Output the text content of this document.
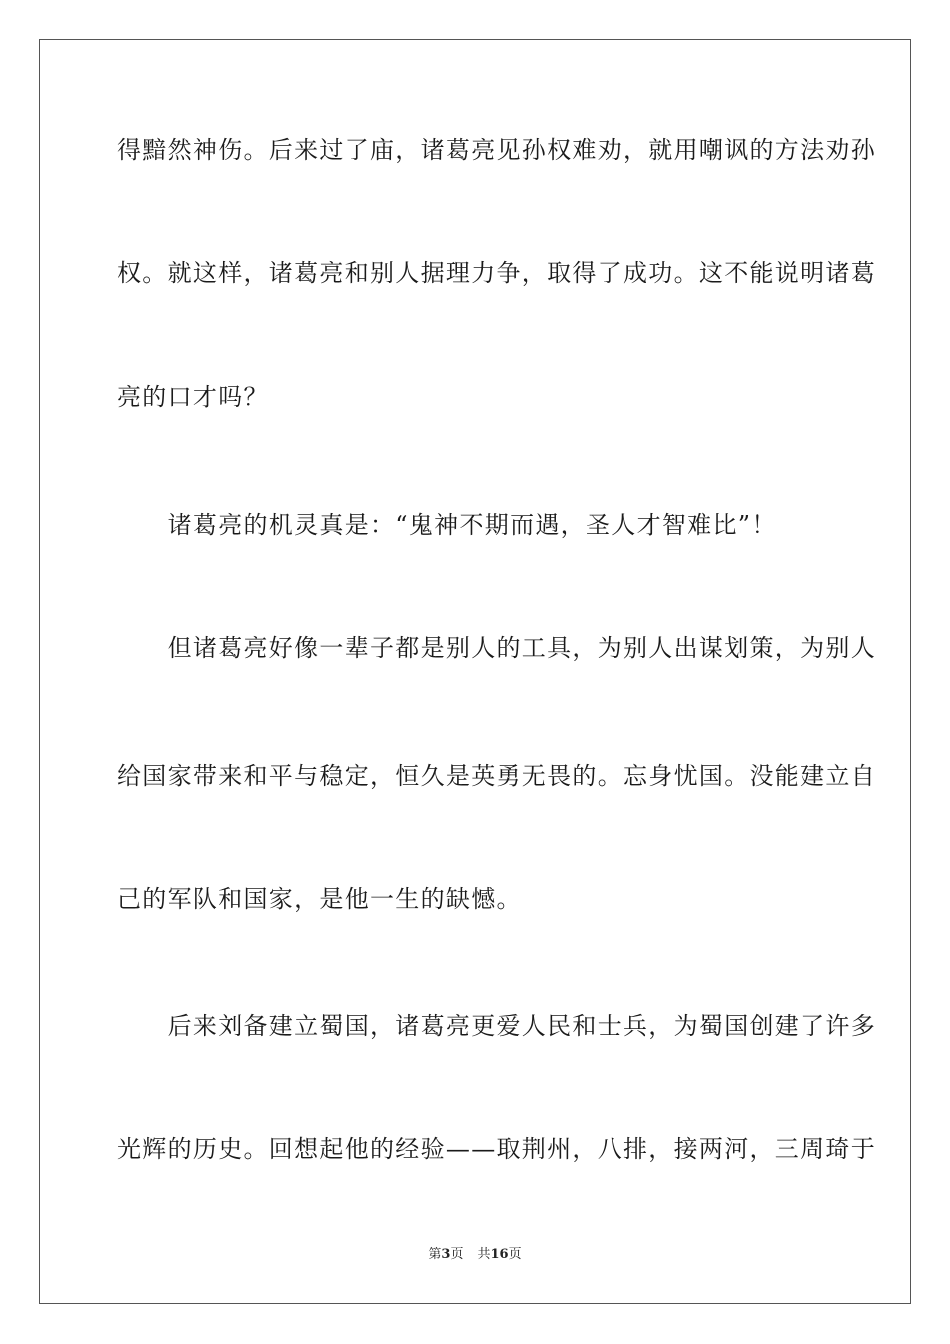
得黯然神伤。后来过了庙，诸葛亮见孙权难劝，就用嘲讽的方法劝孙
权。就这样，诸葛亮和别人据理力争，取得了成功。这不能说明诸葛
亮的口才吗？
　　诸葛亮的机灵真是：“鬼神不期而遇，圣人才智难比”！
　　但诸葛亮好像一辈子都是别人的工具，为别人出谋划策，为别人
给国家带来和平与稳定，恒久是英勇无畏的。忘身忧国。没能建立自
己的军队和国家，是他一生的缺憾。
　　后来刘备建立蜀国，诸葛亮更爱人民和士兵，为蜀国创建了许多
光辉的历史。回想起他的经验——取荆州，八排，接两河，三周琦于
第3页 共16页
